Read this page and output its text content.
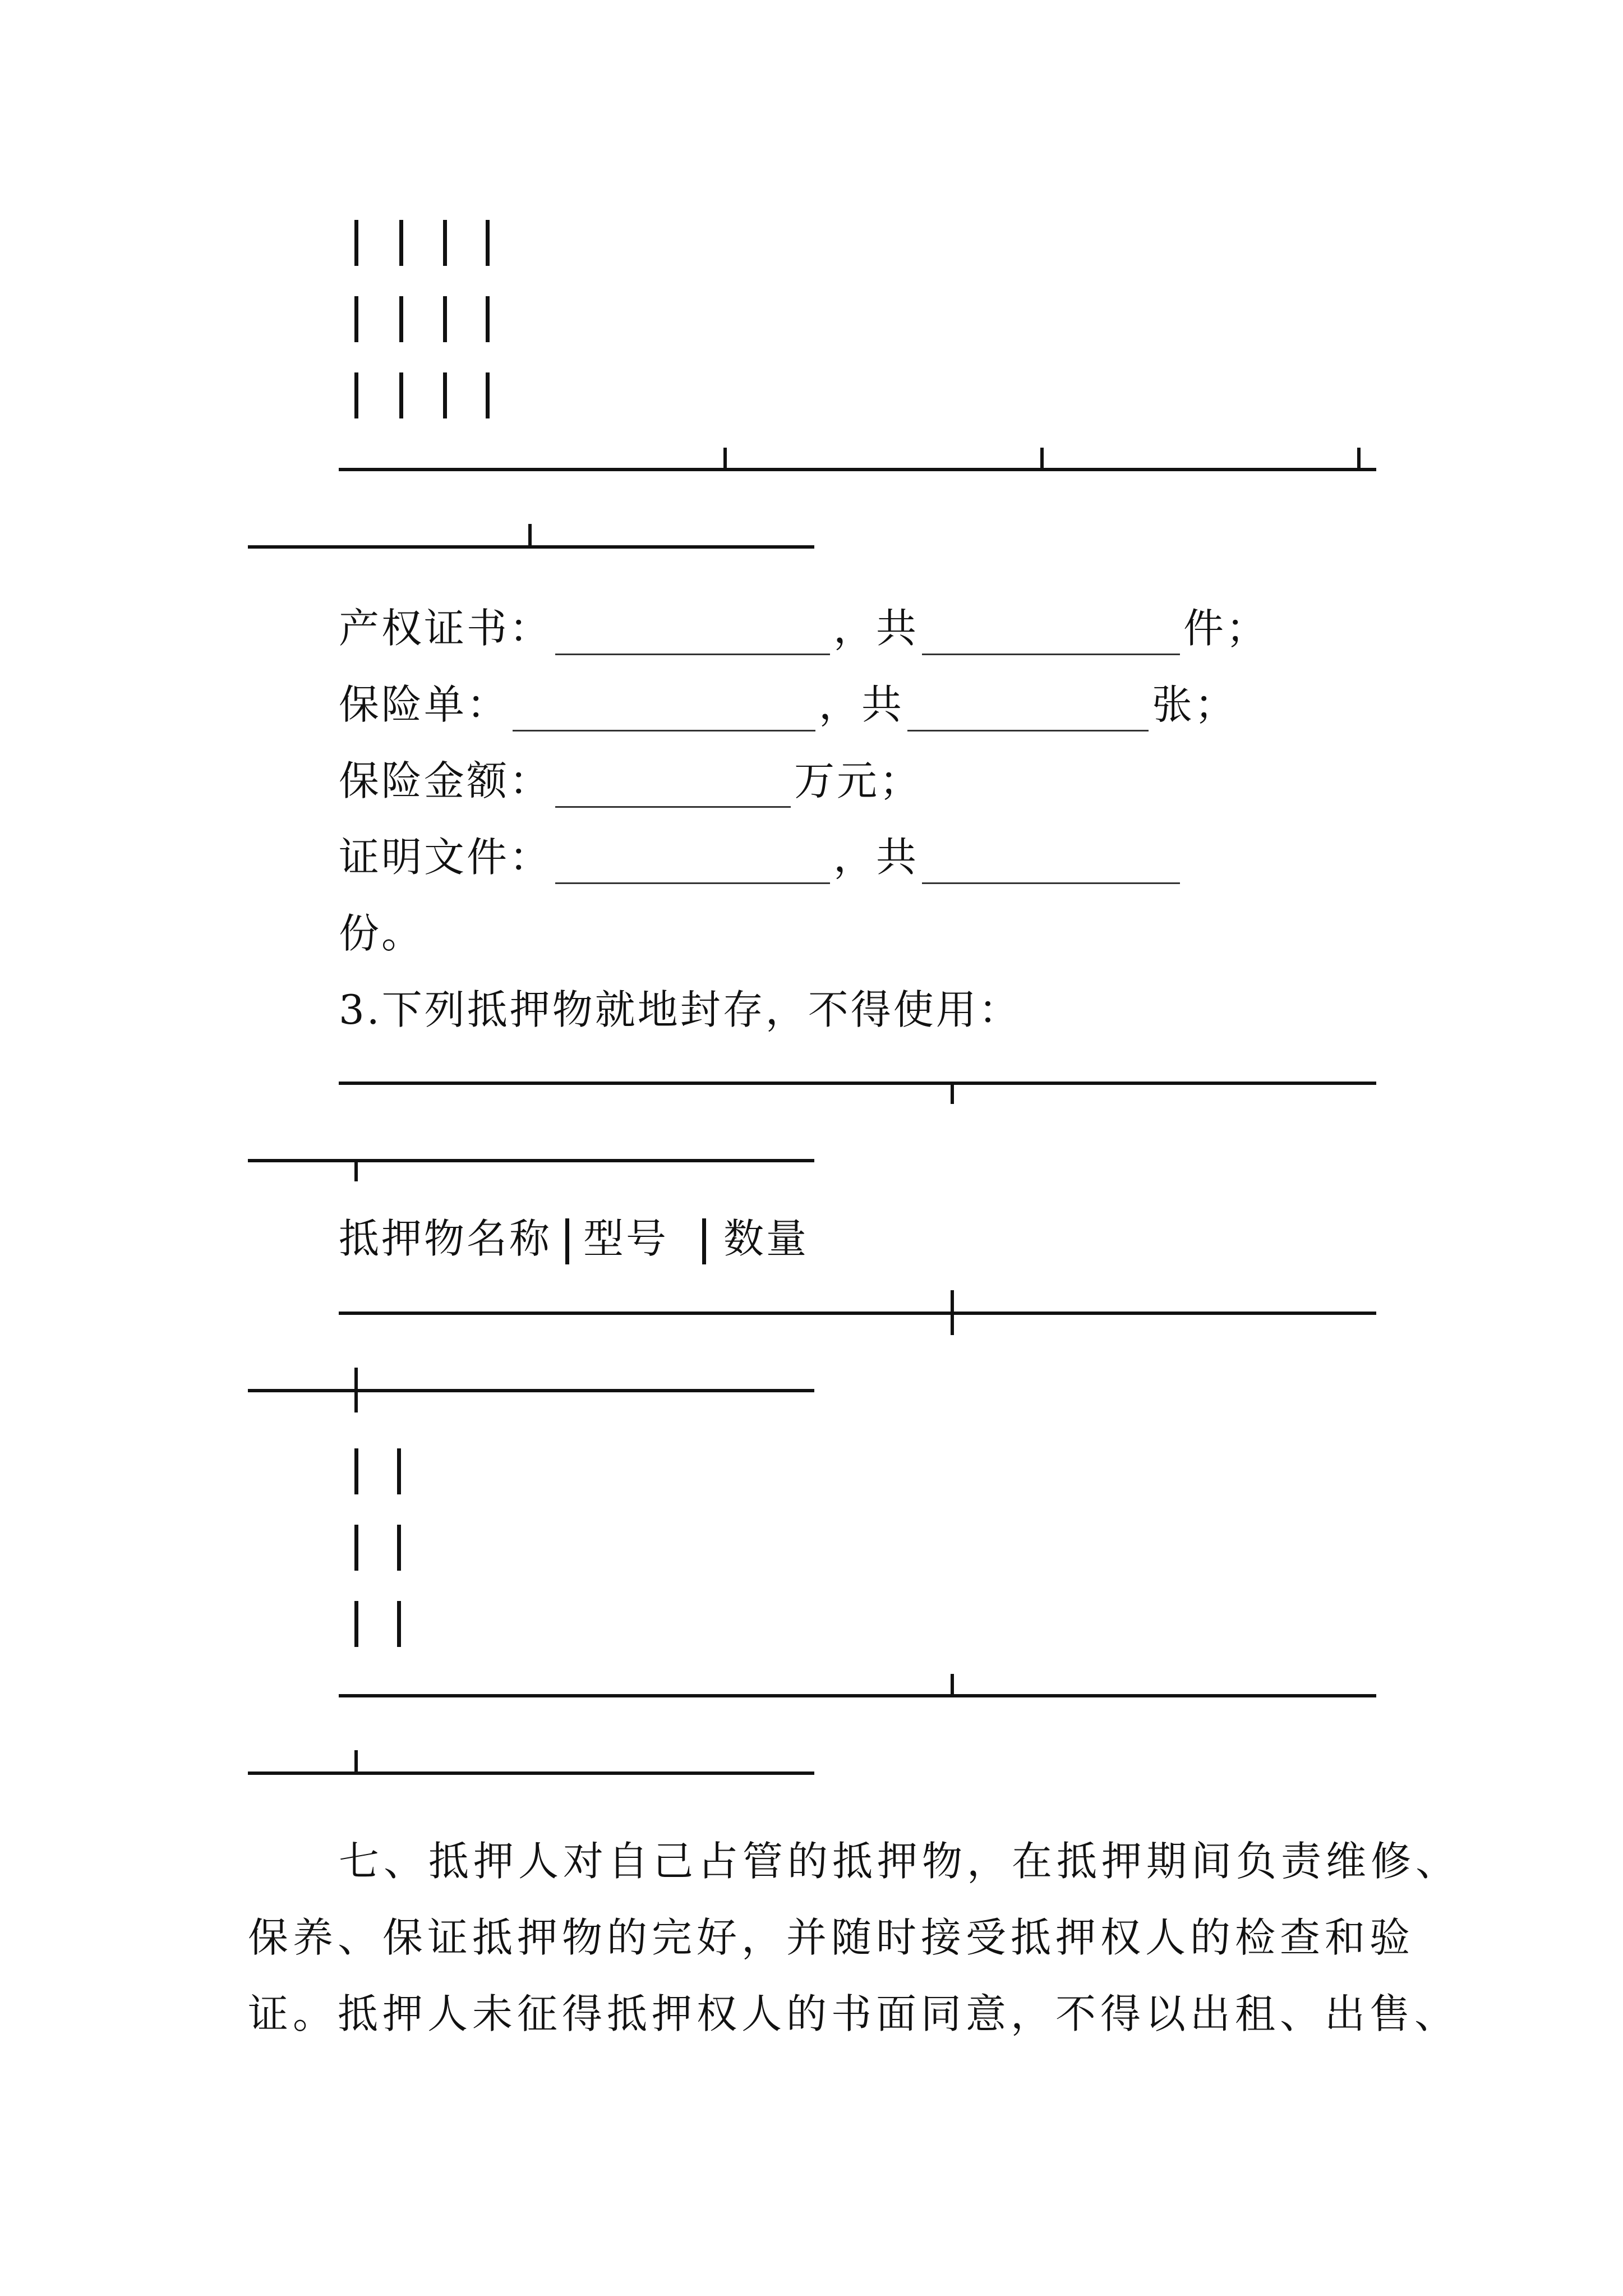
产权证书：	，共	件；
保险单：	，共	张；
保险金额：	万元；
证明文件：	，共
份。
3.下列抵押物就地封存，不得使用：
抵押物名称 型号 数量
七、抵押人对自己占管的抵押物，在抵押期间负责维修、
保养、保证抵押物的完好，并随时接受抵押权人的检查和验
证。抵押人未征得抵押权人的书面同意，不得以出租、出售、
